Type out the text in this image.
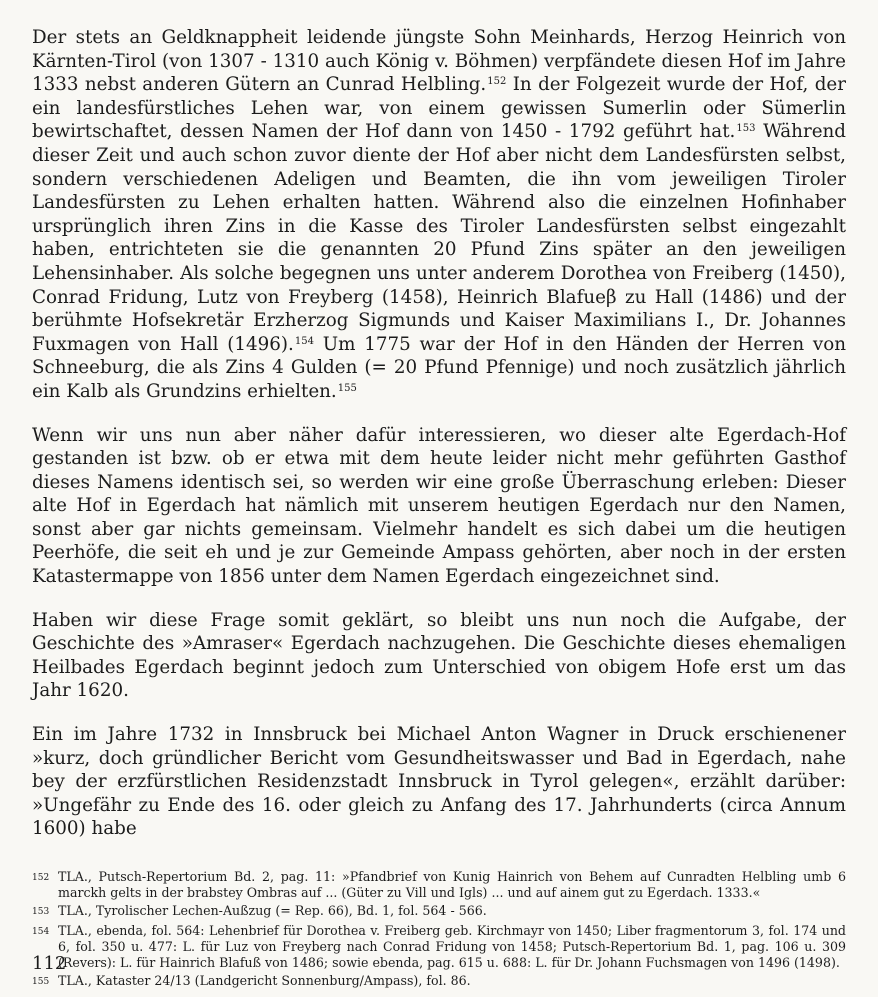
Der stets an Geldknappheit leidende jüngste Sohn Meinhards, Herzog Heinrich von Kärnten-Tirol (von 1307 - 1310 auch König v. Böhmen) verpfändete diesen Hof im Jahre 1333 nebst anderen Gütern an Cunrad Helbling.$^{152}$ In der Folgezeit wurde der Hof, der ein landesfürstliches Lehen war, von einem gewissen Sumerlin oder Sümerlin bewirtschaftet, dessen Namen der Hof dann von 1450 - 1792 geführt hat.$^{153}$ Während dieser Zeit und auch schon zuvor diente der Hof aber nicht dem Landesfürsten selbst, sondern verschiedenen Adeligen und Beamten, die ihn vom jeweiligen Tiroler Landesfürsten zu Lehen erhalten hatten. Während also die einzelnen Hofinhaber ursprünglich ihren Zins in die Kasse des Tiroler Landesfürsten selbst eingezahlt haben, entrichteten sie die genannten 20 Pfund Zins später an den jeweiligen Lehensinhaber. Als solche begegnen uns unter anderem Dorothea von Freiberg (1450), Conrad Fridung, Lutz von Freyberg (1458), Heinrich Blafueβ zu Hall (1486) und der berühmte Hofsekretär Erzherzog Sigmunds und Kaiser Maximilians I., Dr. Johannes Fuxmagen von Hall (1496).$^{154}$ Um 1775 war der Hof in den Händen der Herren von Schneeburg, die als Zins 4 Gulden (= 20 Pfund Pfennige) und noch zusätzlich jährlich ein Kalb als Grundzins erhielten.$^{155}$

Wenn wir uns nun aber näher dafür interessieren, wo dieser alte Egerdach-Hof gestanden ist bzw. ob er etwa mit dem heute leider nicht mehr geführten Gasthof dieses Namens identisch sei, so werden wir eine große Überraschung erleben: Dieser alte Hof in Egerdach hat nämlich mit unserem heutigen Egerdach nur den Namen, sonst aber gar nichts gemeinsam. Vielmehr handelt es sich dabei um die heutigen Peerhöfe, die seit eh und je zur Gemeinde Ampass gehörten, aber noch in der ersten Katastermappe von 1856 unter dem Namen Egerdach eingezeichnet sind.

Haben wir diese Frage somit geklärt, so bleibt uns nun noch die Aufgabe, der Geschichte des »Amraser« Egerdach nachzugehen. Die Geschichte dieses ehemaligen Heilbades Egerdach beginnt jedoch zum Unterschied von obigem Hofe erst um das Jahr 1620.

Ein im Jahre 1732 in Innsbruck bei Michael Anton Wagner in Druck erschienener »kurz, doch gründlicher Bericht vom Gesundheitswasser und Bad in Egerdach, nahe bey der erzfürstlichen Residenzstadt Innsbruck in Tyrol gelegen«, erzählt darüber: »Ungefähr zu Ende des 16. oder gleich zu Anfang des 17. Jahrhunderts (circa Annum 1600) habe

152 TLA., Putsch-Repertorium Bd. 2, pag. 11: »Pfandbrief von Kunig Hainrich von Behem auf Cunradten Helbling umb 6 marckh gelts in der brabstey Ombras auf ... (Güter zu Vill und Igls) ... und auf ainem gut zu Egerdach. 1333.«
153 TLA., Tyrolischer Lechen-Außzug (= Rep. 66), Bd. 1, fol. 564 - 566.
154 TLA., ebenda, fol. 564: Lehenbrief für Dorothea v. Freiberg geb. Kirchmayr von 1450; Liber fragmentorum 3, fol. 174 und 6, fol. 350 u. 477: L. für Luz von Freyberg nach Conrad Fridung von 1458; Putsch-Repertorium Bd. 1, pag. 106 u. 309 (Revers): L. für Hainrich Blafuß von 1486; sowie ebenda, pag. 615 u. 688: L. für Dr. Johann Fuchsmagen von 1496 (1498).
155 TLA., Kataster 24/13 (Landgericht Sonnenburg/Ampass), fol. 86.
112
